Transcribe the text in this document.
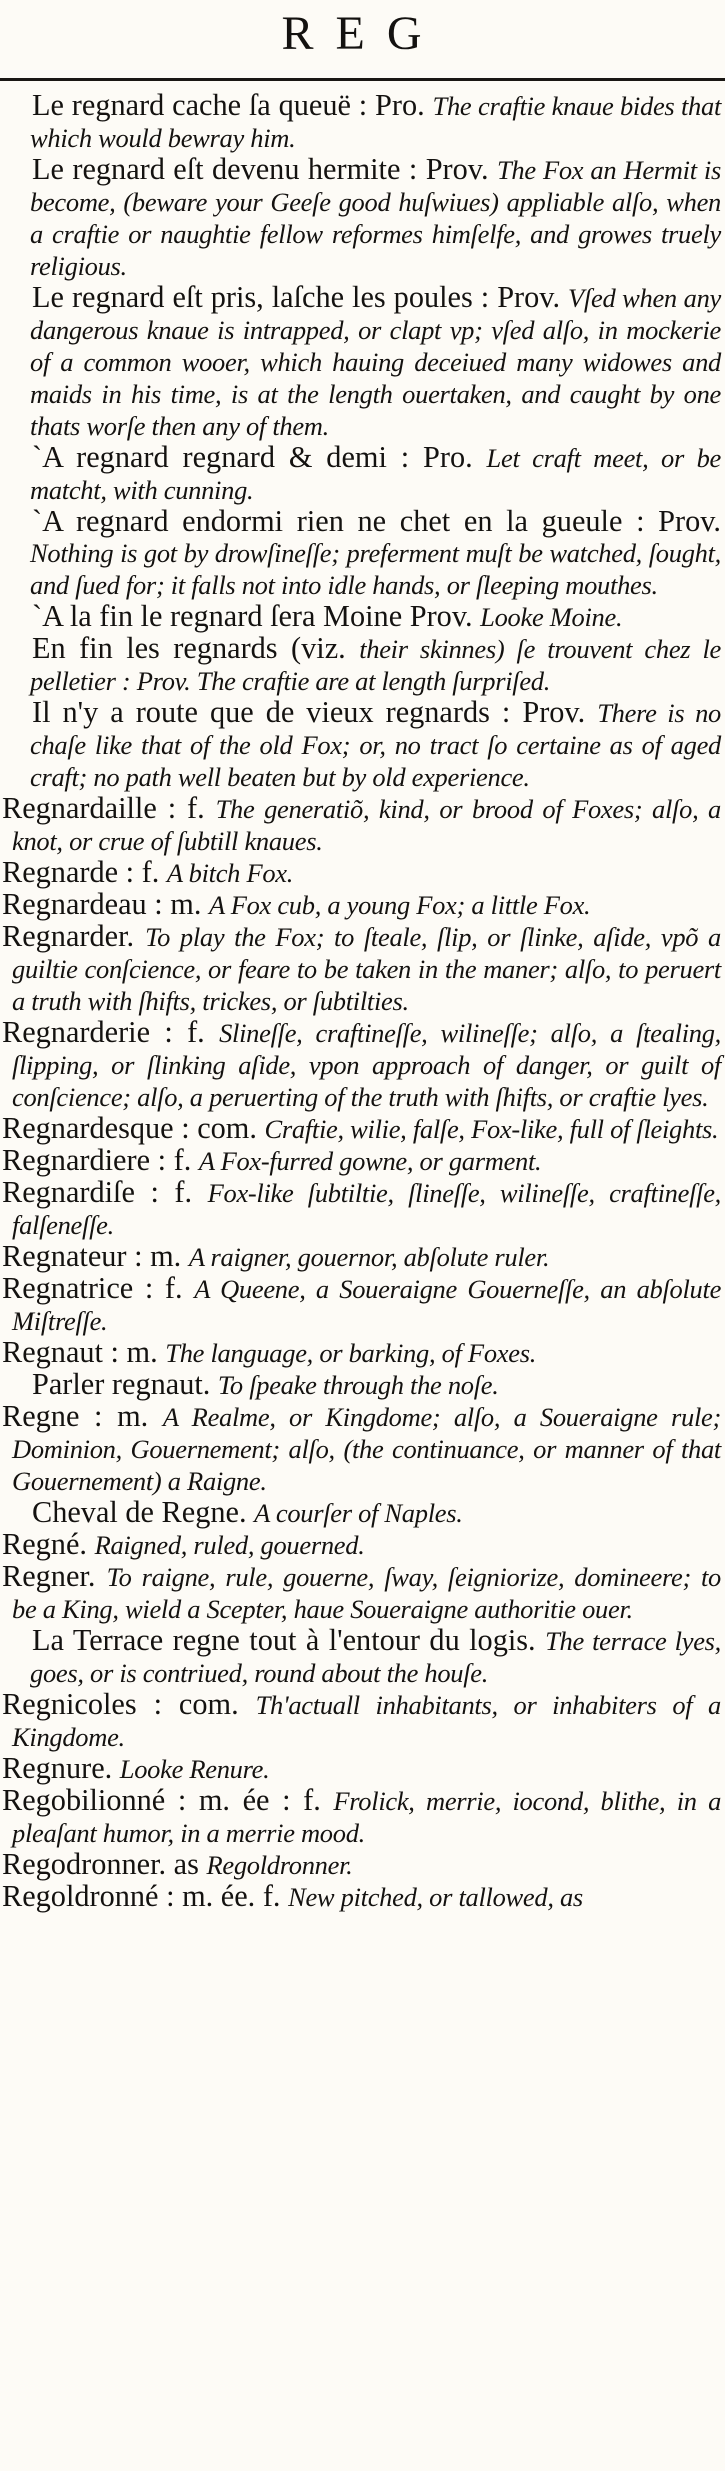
REG

Le regnard cache ſa queuë : Pro. The craftie knaue bides that which would bewray him.

Le regnard eſt devenu hermite : Prov. The Fox an Hermit is become, (beware your Geeſe good huſwiues) appliable alſo, when a craftie or naughtie fellow reformes himſelfe, and growes truely religious.

Le regnard eſt pris, laſche les poules : Prov. Vſed when any dangerous knaue is intrapped, or clapt vp; vſed alſo, in mockerie of a common wooer, which hauing deceiued many widowes and maids in his time, is at the length ouertaken, and caught by one thats worſe then any of them.

`A regnard regnard & demi : Pro. Let craft meet, or be matcht, with cunning.

`A regnard endormi rien ne chet en la gueule : Prov. Nothing is got by drowſineſſe; preferment muſt be watched, ſought, and ſued for; it falls not into idle hands, or ſleeping mouthes.

`A la fin le regnard ſera Moine Prov. Looke Moine.

En fin les regnards (viz. their skinnes) ſe trouvent chez le pelletier : Prov. The craftie are at length ſurpriſed.

Il n'y a route que de vieux regnards : Prov. There is no chaſe like that of the old Fox; or, no tract ſo certaine as of aged craft; no path well beaten but by old experience.

Regnardaille : f. The generatiõ, kind, or brood of Foxes; alſo, a knot, or crue of ſubtill knaues.

Regnarde : f. A bitch Fox.

Regnardeau : m. A Fox cub, a young Fox; a little Fox.

Regnarder. To play the Fox; to ſteale, ſlip, or ſlinke, aſide, vpõ a guiltie conſcience, or feare to be taken in the maner; alſo, to peruert a truth with ſhifts, trickes, or ſubtilties.

Regnarderie : f. Slineſſe, craftineſſe, wilineſſe; alſo, a ſtealing, ſlipping, or ſlinking aſide, vpon approach of danger, or guilt of conſcience; alſo, a peruerting of the truth with ſhifts, or craftie lyes.

Regnardesque : com. Craftie, wilie, falſe, Fox-like, full of ſleights.

Regnardiere : f. A Fox-furred gowne, or garment.

Regnardiſe : f. Fox-like ſubtiltie, ſlineſſe, wilineſſe, craftineſſe, falſeneſſe.

Regnateur : m. A raigner, gouernor, abſolute ruler.

Regnatrice : f. A Queene, a Soueraigne Gouerneſſe, an abſolute Miſtreſſe.

Regnaut : m. The language, or barking, of Foxes.

Parler regnaut. To ſpeake through the noſe.

Regne : m. A Realme, or Kingdome; alſo, a Soueraigne rule; Dominion, Gouernement; alſo, (the continuance, or manner of that Gouernement) a Raigne.

Cheval de Regne. A courſer of Naples.

Regné. Raigned, ruled, gouerned.

Regner. To raigne, rule, gouerne, ſway, ſeigniorize, domineere; to be a King, wield a Scepter, haue Soueraigne authoritie ouer.

La Terrace regne tout à l'entour du logis. The terrace lyes, goes, or is contriued, round about the houſe.

Regnicoles : com. Th'actuall inhabitants, or inhabiters of a Kingdome.

Regnure. Looke Renure.

Regobilionné : m. ée : f. Frolick, merrie, iocond, blithe, in a pleaſant humor, in a merrie mood.

Regodronner. as Regoldronner.

Regoldronné : m. ée. f. New pitched, or tallowed, as
